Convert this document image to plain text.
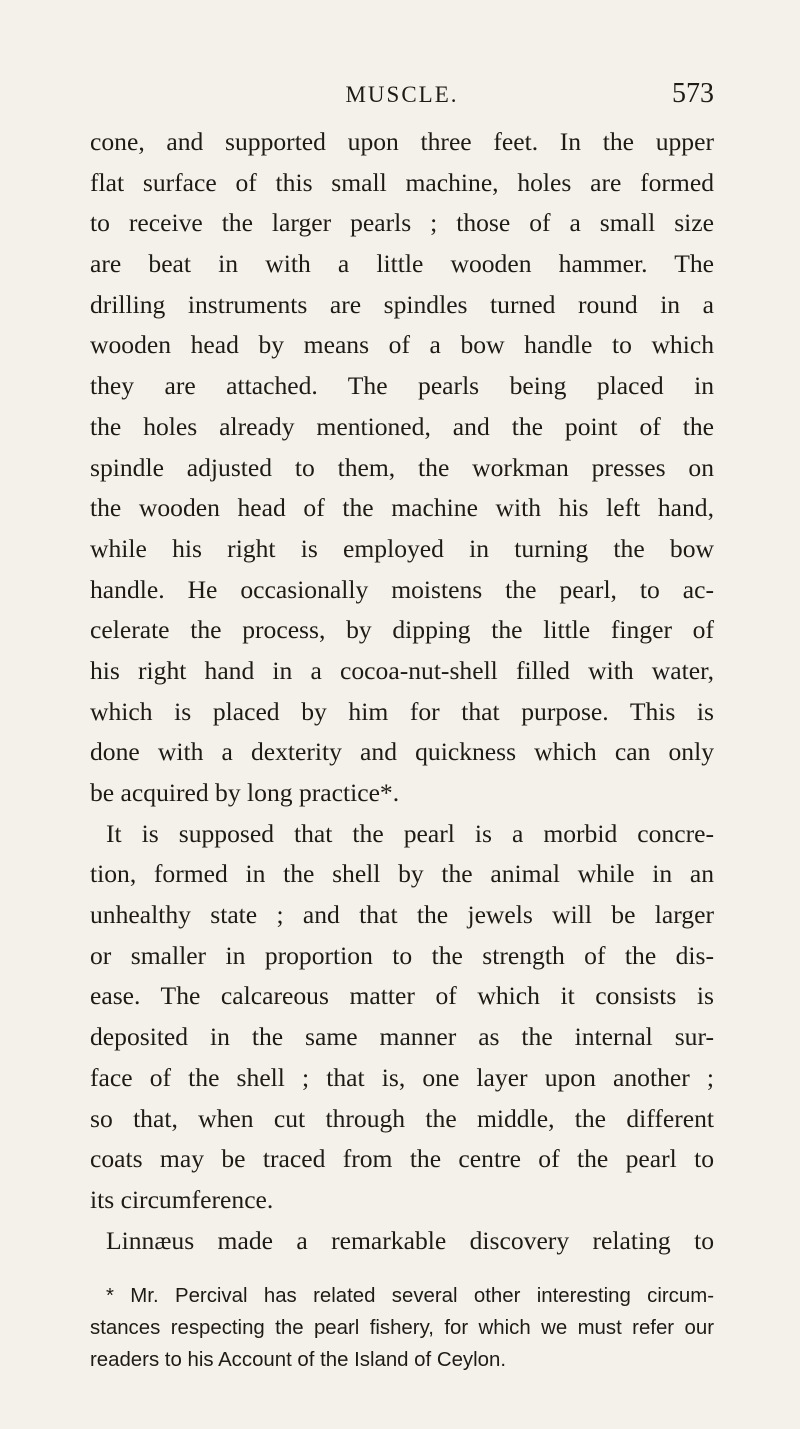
MUSCLE.	573
cone, and supported upon three feet. In the upper
flat surface of this small machine, holes are formed
to receive the larger pearls ; those of a small size
are beat in with a little wooden hammer. The
drilling instruments are spindles turned round in a
wooden head by means of a bow handle to which
they are attached. The pearls being placed in
the holes already mentioned, and the point of the
spindle adjusted to them, the workman presses on
the wooden head of the machine with his left hand,
while his right is employed in turning the bow
handle. He occasionally moistens the pearl, to ac-
celerate the process, by dipping the little finger of
his right hand in a cocoa-nut-shell filled with water,
which is placed by him for that purpose. This is
done with a dexterity and quickness which can only
be acquired by long practice*.
It is supposed that the pearl is a morbid concre-
tion, formed in the shell by the animal while in an
unhealthy state ; and that the jewels will be larger
or smaller in proportion to the strength of the dis-
ease. The calcareous matter of which it consists is
deposited in the same manner as the internal sur-
face of the shell ; that is, one layer upon another ;
so that, when cut through the middle, the different
coats may be traced from the centre of the pearl to
its circumference.
Linnæus made a remarkable discovery relating to
* Mr. Percival has related several other interesting circum-
stances respecting the pearl fishery, for which we must refer our
readers to his Account of the Island of Ceylon.
